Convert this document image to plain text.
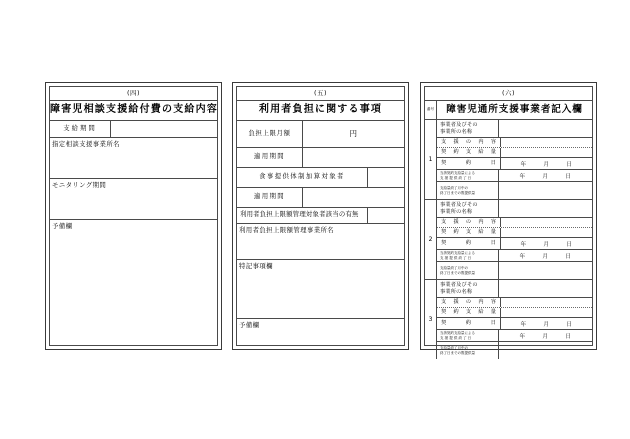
(四)
障害児相談支援給付費の支給内容
支給期間
指定相談支援事業所名
モニタリング期間
予備欄
(五)
利用者負担に関する事項
負担上限月額	円
適用期間
食事提供体制加算対象者
適用期間
利用者負担上限額管理対象者該当の有無
利用者負担上限額管理事業所名
特記事項欄
予備欄
(六)
番号	障害児通所支援事業者記入欄
1
事業者及びその
事業所の名称
支 援 の 内 容
契 約 支 給 量
契	約	日	年	月	日
当該契約支給量による
支 援 提 供 終 了 日	年	月	日
支給量終了月中の
終了日までの既提供量
2
事業者及びその
事業所の名称
支 援 の 内 容
契 約 支 給 量
契	約	日	年	月	日
当該契約支給量による
支 援 提 供 終 了 日	年	月	日
支給量終了月中の
終了日までの既提供量
3
事業者及びその
事業所の名称
支 援 の 内 容
契 約 支 給 量
契	約	日	年	月	日
当該契約支給量による
支 援 提 供 終 了 日	年	月	日
支給量終了月中の
終了日までの既提供量
